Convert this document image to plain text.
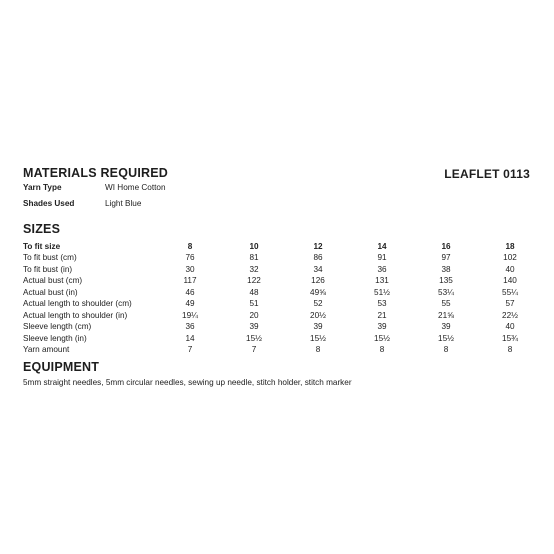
MATERIALS REQUIRED	LEAFLET 0113
Yarn Type	WI Home Cotton
Shades Used	Light Blue
SIZES
To fit size	8	10	12	14	16	18
To fit bust (cm)	76	81	86	91	97	102
To fit bust (in)	30	32	34	36	38	40
Actual bust (cm)	117	122	126	131	135	140
Actual bust (in)	46	48	49⅝	51½	53¼	55¼
Actual length to shoulder (cm)	49	51	52	53	55	57
Actual length to shoulder (in)	19¼	20	20½	21	21⅝	22½
Sleeve length (cm)	36	39	39	39	39	40
Sleeve length (in)	14	15½	15½	15½	15½	15¾
Yarn amount	7	7	8	8	8	8
EQUIPMENT
5mm straight needles, 5mm circular needles, sewing up needle, stitch holder, stitch marker
